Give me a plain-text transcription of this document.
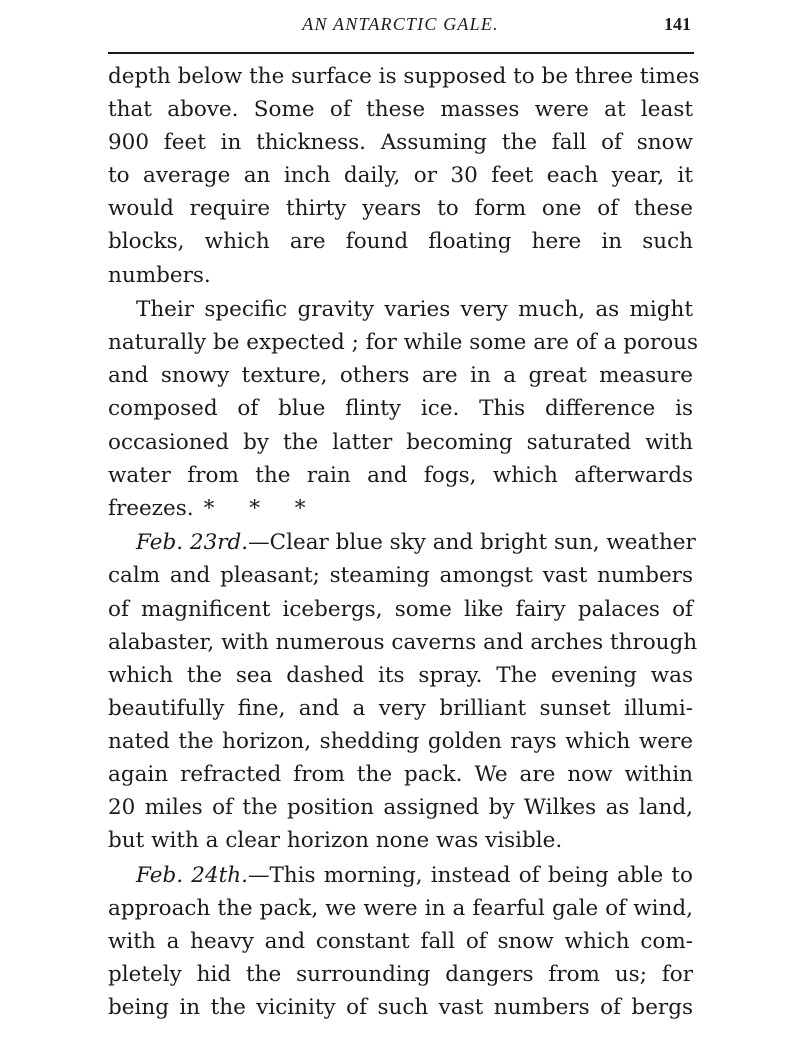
AN ANTARCTIC GALE.	141
depth below the surface is supposed to be three times
that above. Some of these masses were at least
900 feet in thickness. Assuming the fall of snow
to average an inch daily, or 30 feet each year, it
would require thirty years to form one of these
blocks, which are found floating here in such
numbers.
Their specific gravity varies very much, as might
naturally be expected ; for while some are of a porous
and snowy texture, others are in a great measure
composed of blue flinty ice. This difference is
occasioned by the latter becoming saturated with
water from the rain and fogs, which afterwards
freezes. * * *
Feb. 23rd.—Clear blue sky and bright sun, weather
calm and pleasant; steaming amongst vast numbers
of magnificent icebergs, some like fairy palaces of
alabaster, with numerous caverns and arches through
which the sea dashed its spray. The evening was
beautifully fine, and a very brilliant sunset illumi-
nated the horizon, shedding golden rays which were
again refracted from the pack. We are now within
20 miles of the position assigned by Wilkes as land,
but with a clear horizon none was visible.
Feb. 24th.—This morning, instead of being able to
approach the pack, we were in a fearful gale of wind,
with a heavy and constant fall of snow which com-
pletely hid the surrounding dangers from us; for
being in the vicinity of such vast numbers of bergs
